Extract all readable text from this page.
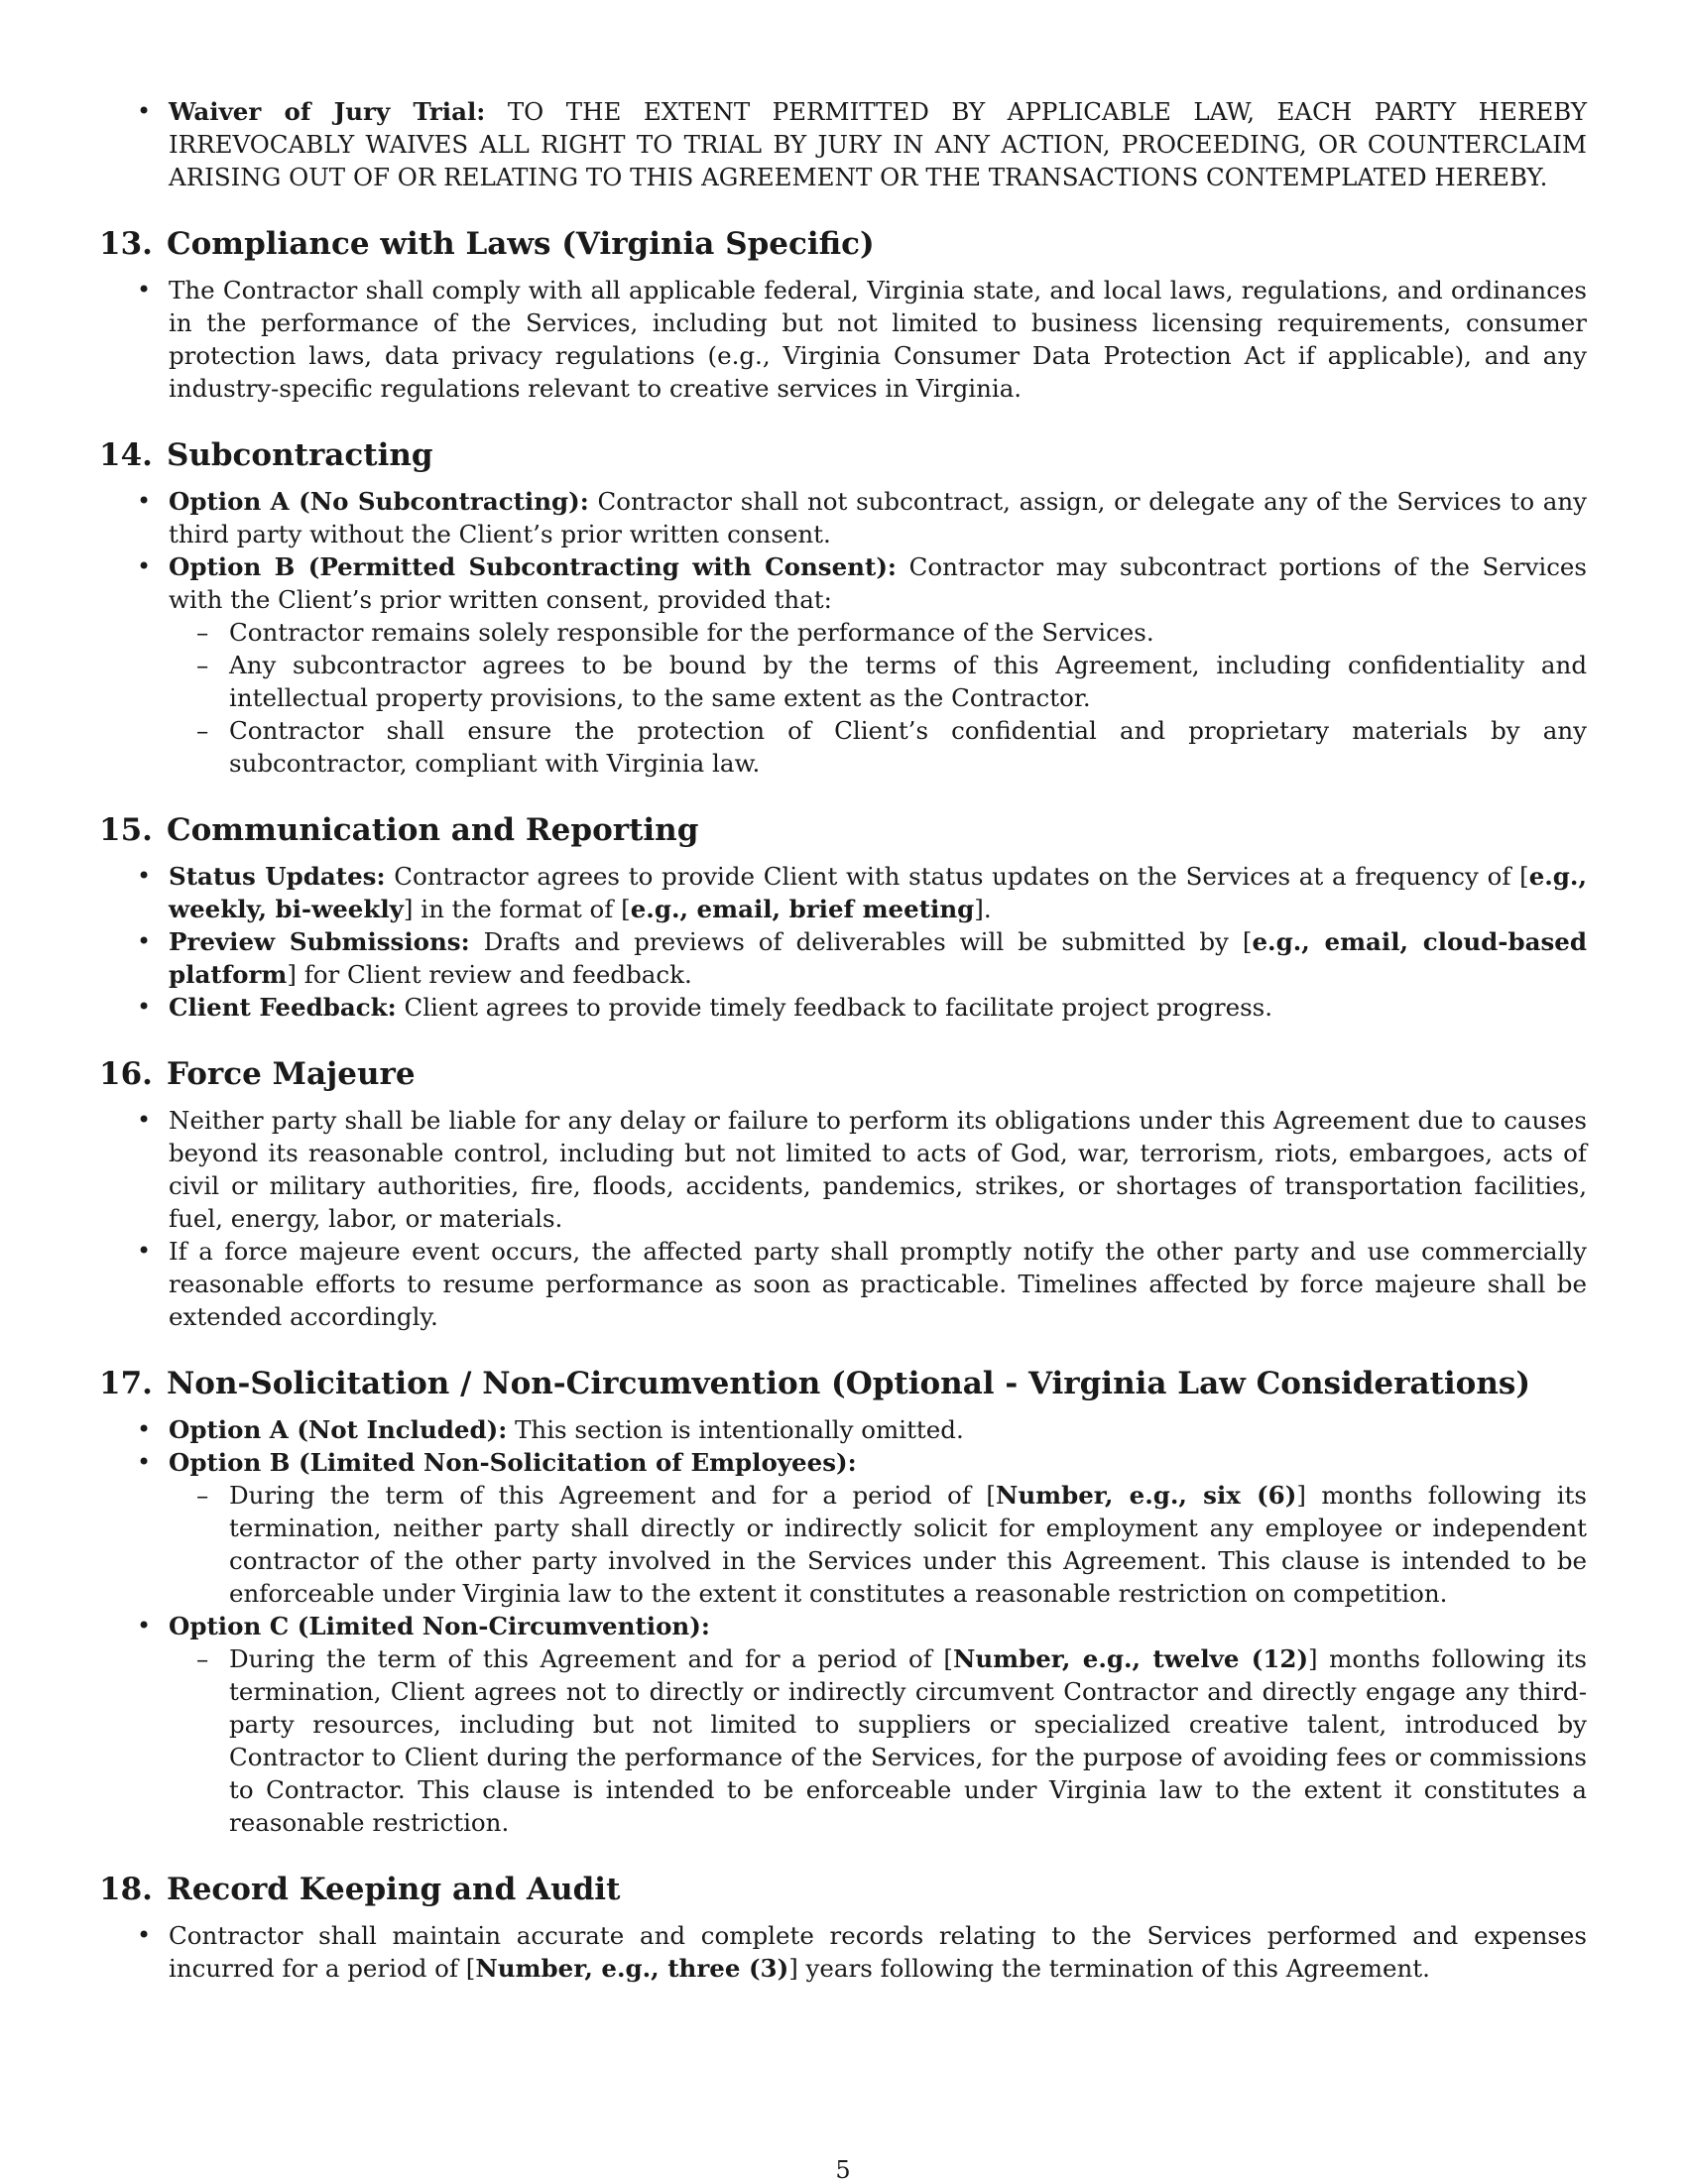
• Waiver of Jury Trial: TO THE EXTENT PERMITTED BY APPLICABLE LAW, EACH PARTY HEREBY IRREVOCABLY WAIVES ALL RIGHT TO TRIAL BY JURY IN ANY ACTION, PROCEEDING, OR COUNTERCLAIM ARISING OUT OF OR RELATING TO THIS AGREEMENT OR THE TRANSACTIONS CONTEMPLATED HEREBY.
13. Compliance with Laws (Virginia Specific)
• The Contractor shall comply with all applicable federal, Virginia state, and local laws, regulations, and ordinances in the performance of the Services, including but not limited to business licensing requirements, consumer protection laws, data privacy regulations (e.g., Virginia Consumer Data Protection Act if applicable), and any industry-specific regulations relevant to creative services in Virginia.
14. Subcontracting
• Option A (No Subcontracting): Contractor shall not subcontract, assign, or delegate any of the Services to any third party without the Client’s prior written consent.
• Option B (Permitted Subcontracting with Consent): Contractor may subcontract portions of the Services with the Client’s prior written consent, provided that:
– Contractor remains solely responsible for the performance of the Services.
– Any subcontractor agrees to be bound by the terms of this Agreement, including confidentiality and intellectual property provisions, to the same extent as the Contractor.
– Contractor shall ensure the protection of Client’s confidential and proprietary materials by any subcontractor, compliant with Virginia law.
15. Communication and Reporting
• Status Updates: Contractor agrees to provide Client with status updates on the Services at a frequency of [e.g., weekly, bi-weekly] in the format of [e.g., email, brief meeting].
• Preview Submissions: Drafts and previews of deliverables will be submitted by [e.g., email, cloud-based platform] for Client review and feedback.
• Client Feedback: Client agrees to provide timely feedback to facilitate project progress.
16. Force Majeure
• Neither party shall be liable for any delay or failure to perform its obligations under this Agreement due to causes beyond its reasonable control, including but not limited to acts of God, war, terrorism, riots, embargoes, acts of civil or military authorities, fire, floods, accidents, pandemics, strikes, or shortages of transportation facilities, fuel, energy, labor, or materials.
• If a force majeure event occurs, the affected party shall promptly notify the other party and use commercially reasonable efforts to resume performance as soon as practicable. Timelines affected by force majeure shall be extended accordingly.
17. Non-Solicitation / Non-Circumvention (Optional - Virginia Law Considerations)
• Option A (Not Included): This section is intentionally omitted.
• Option B (Limited Non-Solicitation of Employees):
– During the term of this Agreement and for a period of [Number, e.g., six (6)] months following its termination, neither party shall directly or indirectly solicit for employment any employee or independent contractor of the other party involved in the Services under this Agreement. This clause is intended to be enforceable under Virginia law to the extent it constitutes a reasonable restriction on competition.
• Option C (Limited Non-Circumvention):
– During the term of this Agreement and for a period of [Number, e.g., twelve (12)] months following its termination, Client agrees not to directly or indirectly circumvent Contractor and directly engage any third-party resources, including but not limited to suppliers or specialized creative talent, introduced by Contractor to Client during the performance of the Services, for the purpose of avoiding fees or commissions to Contractor. This clause is intended to be enforceable under Virginia law to the extent it constitutes a reasonable restriction.
18. Record Keeping and Audit
• Contractor shall maintain accurate and complete records relating to the Services performed and expenses incurred for a period of [Number, e.g., three (3)] years following the termination of this Agreement.
5
